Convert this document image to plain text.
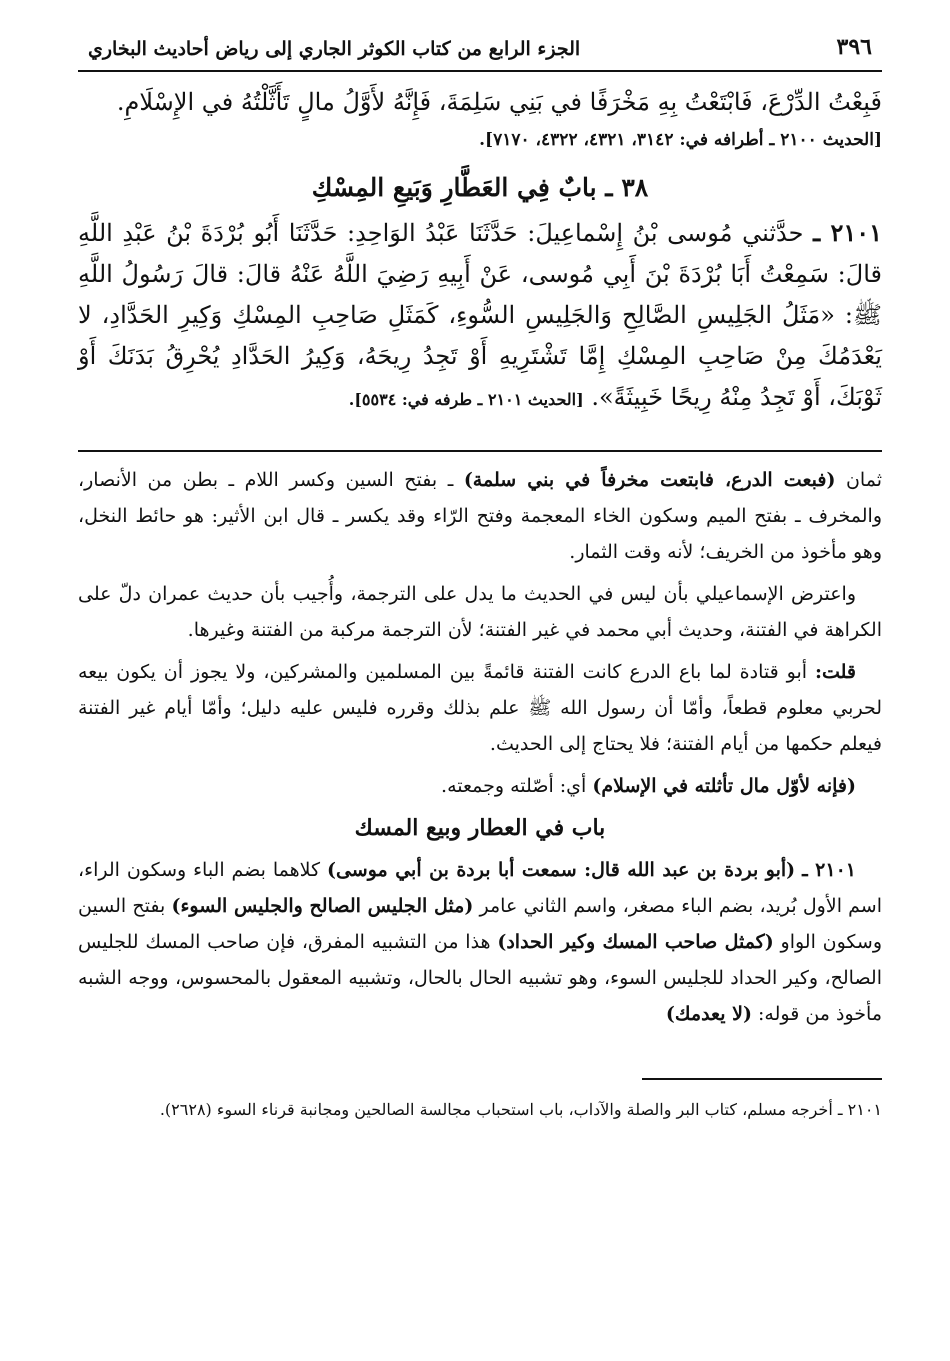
٣٩٦
الجزء الرابع من كتاب الكوثر الجاري إلى رياض أحاديث البخاري
فَبِعْتُ الدِّرْعَ، فَابْتَعْتُ بِهِ مَخْرَفًا في بَنِي سَلِمَةَ، فَإِنَّهُ لأَوَّلُ مالٍ تَأَثَّلْتُهُ في الإِسْلَامِ.
[الحديث ٢١٠٠ ـ أطرافه في: ٣١٤٢، ٤٣٢١، ٤٣٢٢، ٧١٧٠].
٣٨ ـ بابٌ فِي العَطَّارِ وَبَيعِ المِسْكِ
٢١٠١ ـ حدَّثني مُوسى بْنُ إِسْماعِيلَ: حَدَّثَنَا عَبْدُ الوَاحِدِ: حَدَّثَنَا أَبُو بُرْدَةَ بْنُ عَبْدِ اللَّهِ قالَ: سَمِعْتُ أَبَا بُرْدَةَ بْنَ أَبِي مُوسى، عَنْ أَبِيهِ رَضِيَ اللَّهُ عَنْهُ قالَ: قالَ رَسُولُ اللَّهِ ﷺ: «مَثَلُ الجَلِيسِ الصَّالِحِ وَالجَلِيسِ السُّوءِ، كَمَثَلِ صَاحِبِ المِسْكِ وَكِيرِ الحَدَّادِ، لا يَعْدَمُكَ مِنْ صَاحِبِ المِسْكِ إِمَّا تَشْتَرِيهِ أَوْ تَجِدُ رِيحَهُ، وَكِيرُ الحَدَّادِ يُحْرِقُ بَدَنَكَ أَوْ ثَوْبَكَ، أَوْ تَجِدُ مِنْهُ رِيحًا خَبِيثَةً». [الحديث ٢١٠١ ـ طرفه في: ٥٥٣٤].

ثمان (فبعت الدرع، فابتعت مخرفاً في بني سلمة) ـ بفتح السين وكسر اللام ـ بطن من الأنصار، والمخرف ـ بفتح الميم وسكون الخاء المعجمة وفتح الرّاء وقد يكسر ـ قال ابن الأثير: هو حائط النخل، وهو مأخوذ من الخريف؛ لأنه وقت الثمار.

واعترض الإسماعيلي بأن ليس في الحديث ما يدل على الترجمة، وأُجيب بأن حديث عمران دلّ على الكراهة في الفتنة، وحديث أبي محمد في غير الفتنة؛ لأن الترجمة مركبة من الفتنة وغيرها.

قلت: أبو قتادة لما باع الدرع كانت الفتنة قائمةً بين المسلمين والمشركين، ولا يجوز أن يكون بيعه لحربي معلوم قطعاً، وأمّا أن رسول الله ﷺ علم بذلك وقرره فليس عليه دليل؛ وأمّا أيام غير الفتنة فيعلم حكمها من أيام الفتنة؛ فلا يحتاج إلى الحديث.

(فإنه لأوّل مال تأثلته في الإسلام) أي: أصّلته وجمعته.

باب في العطار وبيع المسك

٢١٠١ ـ (أبو بردة بن عبد الله قال: سمعت أبا بردة بن أبي موسى) كلاهما بضم الباء وسكون الراء، اسم الأول بُريد، بضم الباء مصغر، واسم الثاني عامر (مثل الجليس الصالح والجليس السوء) بفتح السين وسكون الواو (كمثل صاحب المسك وكير الحداد) هذا من التشبيه المفرق، فإن صاحب المسك للجليس الصالح، وكير الحداد للجليس السوء، وهو تشبيه الحال بالحال، وتشبيه المعقول بالمحسوس، ووجه الشبه مأخوذ من قوله: (لا يعدمك)

٢١٠١ ـ أخرجه مسلم، كتاب البر والصلة والآداب، باب استحباب مجالسة الصالحين ومجانبة قرناء السوء (٢٦٢٨).
